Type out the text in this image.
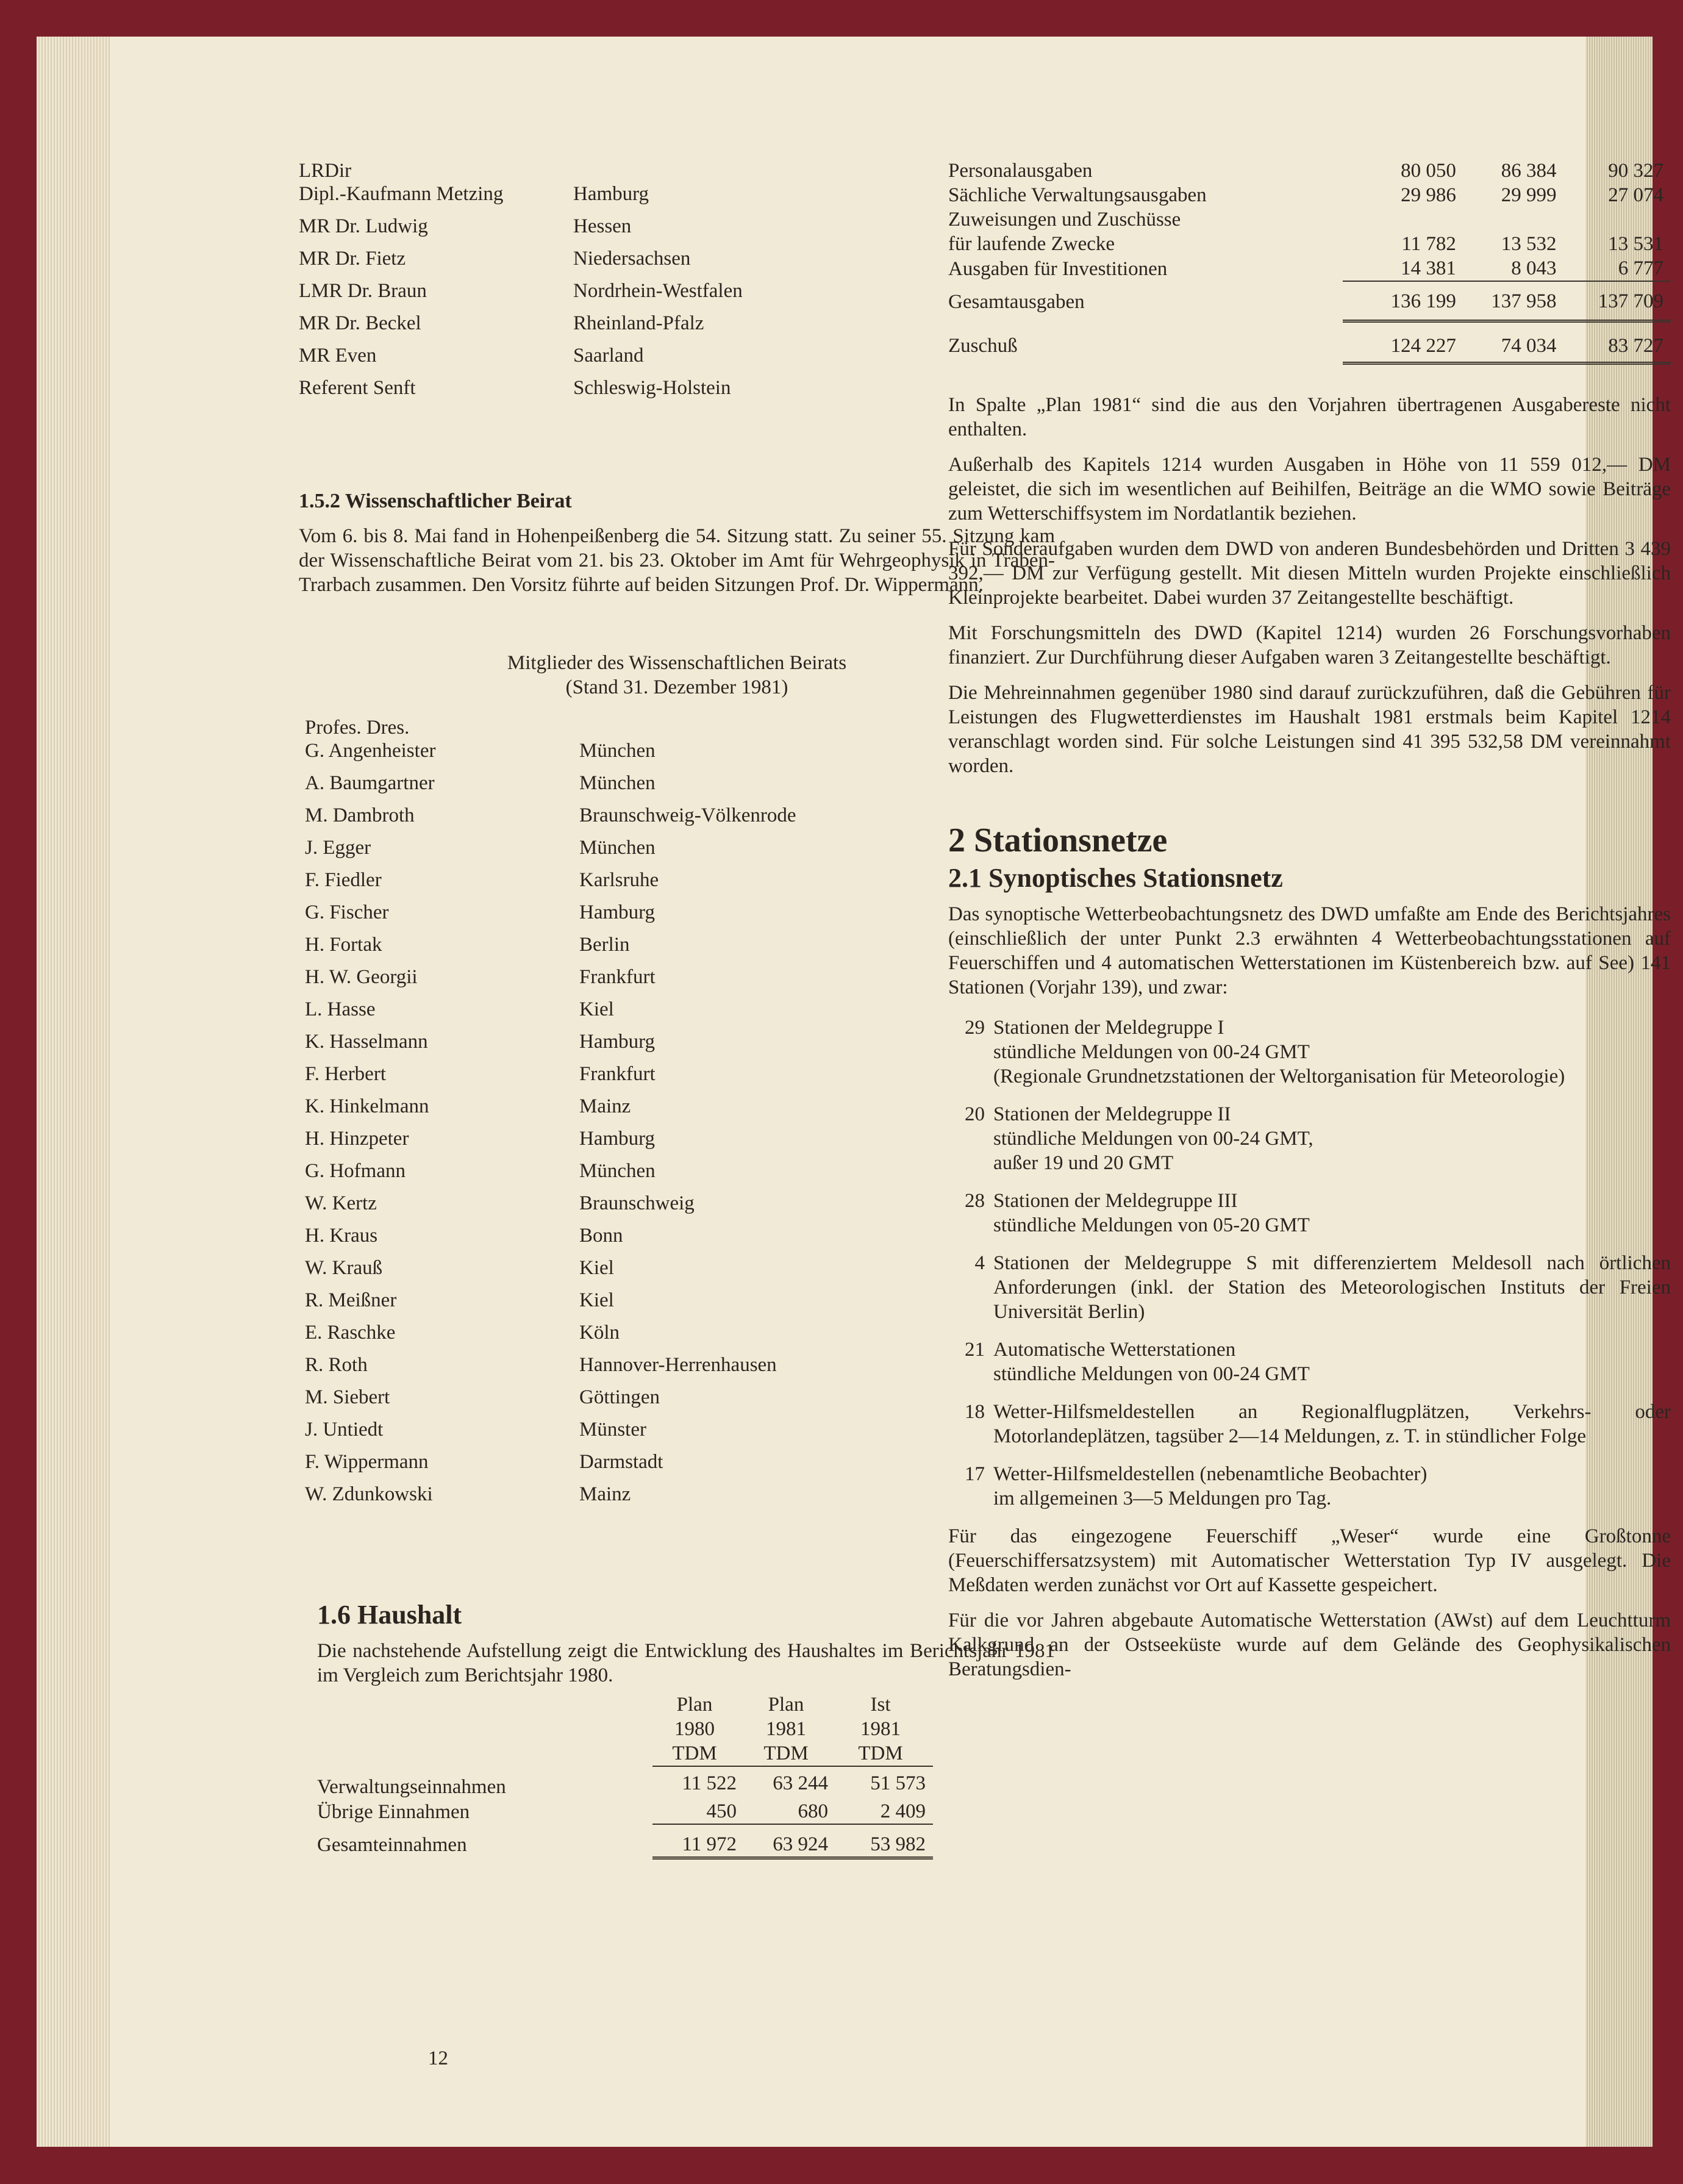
LRDir
Dipl.-Kaufmann Metzing	Hamburg
MR Dr. Ludwig	Hessen
MR Dr. Fietz	Niedersachsen
LMR Dr. Braun	Nordrhein-Westfalen
MR Dr. Beckel	Rheinland-Pfalz
MR Even	Saarland
Referent Senft	Schleswig-Holstein
1.5.2 Wissenschaftlicher Beirat

Vom 6. bis 8. Mai fand in Hohenpeißenberg die 54. Sitzung statt. Zu seiner 55. Sitzung kam der Wissenschaftliche Beirat vom 21. bis 23. Oktober im Amt für Wehrgeophysik in Traben-Trarbach zusammen. Den Vorsitz führte auf beiden Sitzungen Prof. Dr. Wippermann.

Mitglieder des Wissenschaftlichen Beirats
(Stand 31. Dezember 1981)
Profes. Dres.
G. Angenheister	München
A. Baumgartner	München
M. Dambroth	Braunschweig-Völkenrode
J. Egger	München
F. Fiedler	Karlsruhe
G. Fischer	Hamburg
H. Fortak	Berlin
H. W. Georgii	Frankfurt
L. Hasse	Kiel
K. Hasselmann	Hamburg
F. Herbert	Frankfurt
K. Hinkelmann	Mainz
H. Hinzpeter	Hamburg
G. Hofmann	München
W. Kertz	Braunschweig
H. Kraus	Bonn
W. Krauß	Kiel
R. Meißner	Kiel
E. Raschke	Köln
R. Roth	Hannover-Herrenhausen
M. Siebert	Göttingen
J. Untiedt	Münster
F. Wippermann	Darmstadt
W. Zdunkowski	Mainz
1.6 Haushalt

Die nachstehende Aufstellung zeigt die Entwicklung des Haushaltes im Berichtsjahr 1981 im Vergleich zum Berichtsjahr 1980.

	Plan	Plan	Ist
	1980	1981	1981
	TDM	TDM	TDM
Verwaltungseinnahmen	11 522	63 244	51 573
Übrige Einnahmen	450	680	2 409
Gesamteinnahmen	11 972	63 924	53 982

12
Personalausgaben	80 050	86 384	90 327
Sächliche Verwaltungsausgaben	29 986	29 999	27 074
Zuweisungen und Zuschüsse			
für laufende Zwecke	11 782	13 532	13 531
Ausgaben für Investitionen	14 381	8 043	6 777
Gesamtausgaben	136 199	137 958	137 709
Zuschuß	124 227	74 034	83 727

In Spalte „Plan 1981“ sind die aus den Vorjahren übertragenen Ausgabereste nicht enthalten.

Außerhalb des Kapitels 1214 wurden Ausgaben in Höhe von 11 559 012,— DM geleistet, die sich im wesentlichen auf Beihilfen, Beiträge an die WMO sowie Beiträge zum Wetterschiffsystem im Nordatlantik beziehen.

Für Sonderaufgaben wurden dem DWD von anderen Bundesbehörden und Dritten 3 439 392,— DM zur Verfügung gestellt. Mit diesen Mitteln wurden Projekte einschließlich Kleinprojekte bearbeitet. Dabei wurden 37 Zeitangestellte beschäftigt.

Mit Forschungsmitteln des DWD (Kapitel 1214) wurden 26 Forschungsvorhaben finanziert. Zur Durchführung dieser Aufgaben waren 3 Zeitangestellte beschäftigt.

Die Mehreinnahmen gegenüber 1980 sind darauf zurückzuführen, daß die Gebühren für Leistungen des Flugwetterdienstes im Haushalt 1981 erstmals beim Kapitel 1214 veranschlagt worden sind. Für solche Leistungen sind 41 395 532,58 DM vereinnahmt worden.

2 Stationsnetze
2.1 Synoptisches Stationsnetz

Das synoptische Wetterbeobachtungsnetz des DWD umfaßte am Ende des Berichtsjahres (einschließlich der unter Punkt 2.3 erwähnten 4 Wetterbeobachtungsstationen auf Feuerschiffen und 4 automatischen Wetterstationen im Küstenbereich bzw. auf See) 141 Stationen (Vorjahr 139), und zwar:

29 Stationen der Meldegruppe I
stündliche Meldungen von 00-24 GMT
(Regionale Grundnetzstationen der Weltorganisation für Meteorologie)
20 Stationen der Meldegruppe II
stündliche Meldungen von 00-24 GMT,
außer 19 und 20 GMT
28 Stationen der Meldegruppe III
stündliche Meldungen von 05-20 GMT
4 Stationen der Meldegruppe S mit differenziertem Meldesoll nach örtlichen Anforderungen (inkl. der Station des Meteorologischen Instituts der Freien Universität Berlin)
21 Automatische Wetterstationen
stündliche Meldungen von 00-24 GMT
18 Wetter-Hilfsmeldestellen an Regionalflugplätzen, Verkehrs- oder Motorlandeplätzen, tagsüber 2—14 Meldungen, z. T. in stündlicher Folge
17 Wetter-Hilfsmeldestellen (nebenamtliche Beobachter)
im allgemeinen 3—5 Meldungen pro Tag.

Für das eingezogene Feuerschiff „Weser“ wurde eine Großtonne (Feuerschiffersatzsystem) mit Automatischer Wetterstation Typ IV ausgelegt. Die Meßdaten werden zunächst vor Ort auf Kassette gespeichert.

Für die vor Jahren abgebaute Automatische Wetterstation (AWst) auf dem Leuchtturm Kalkgrund an der Ostseeküste wurde auf dem Gelände des Geophysikalischen Beratungsdien-
